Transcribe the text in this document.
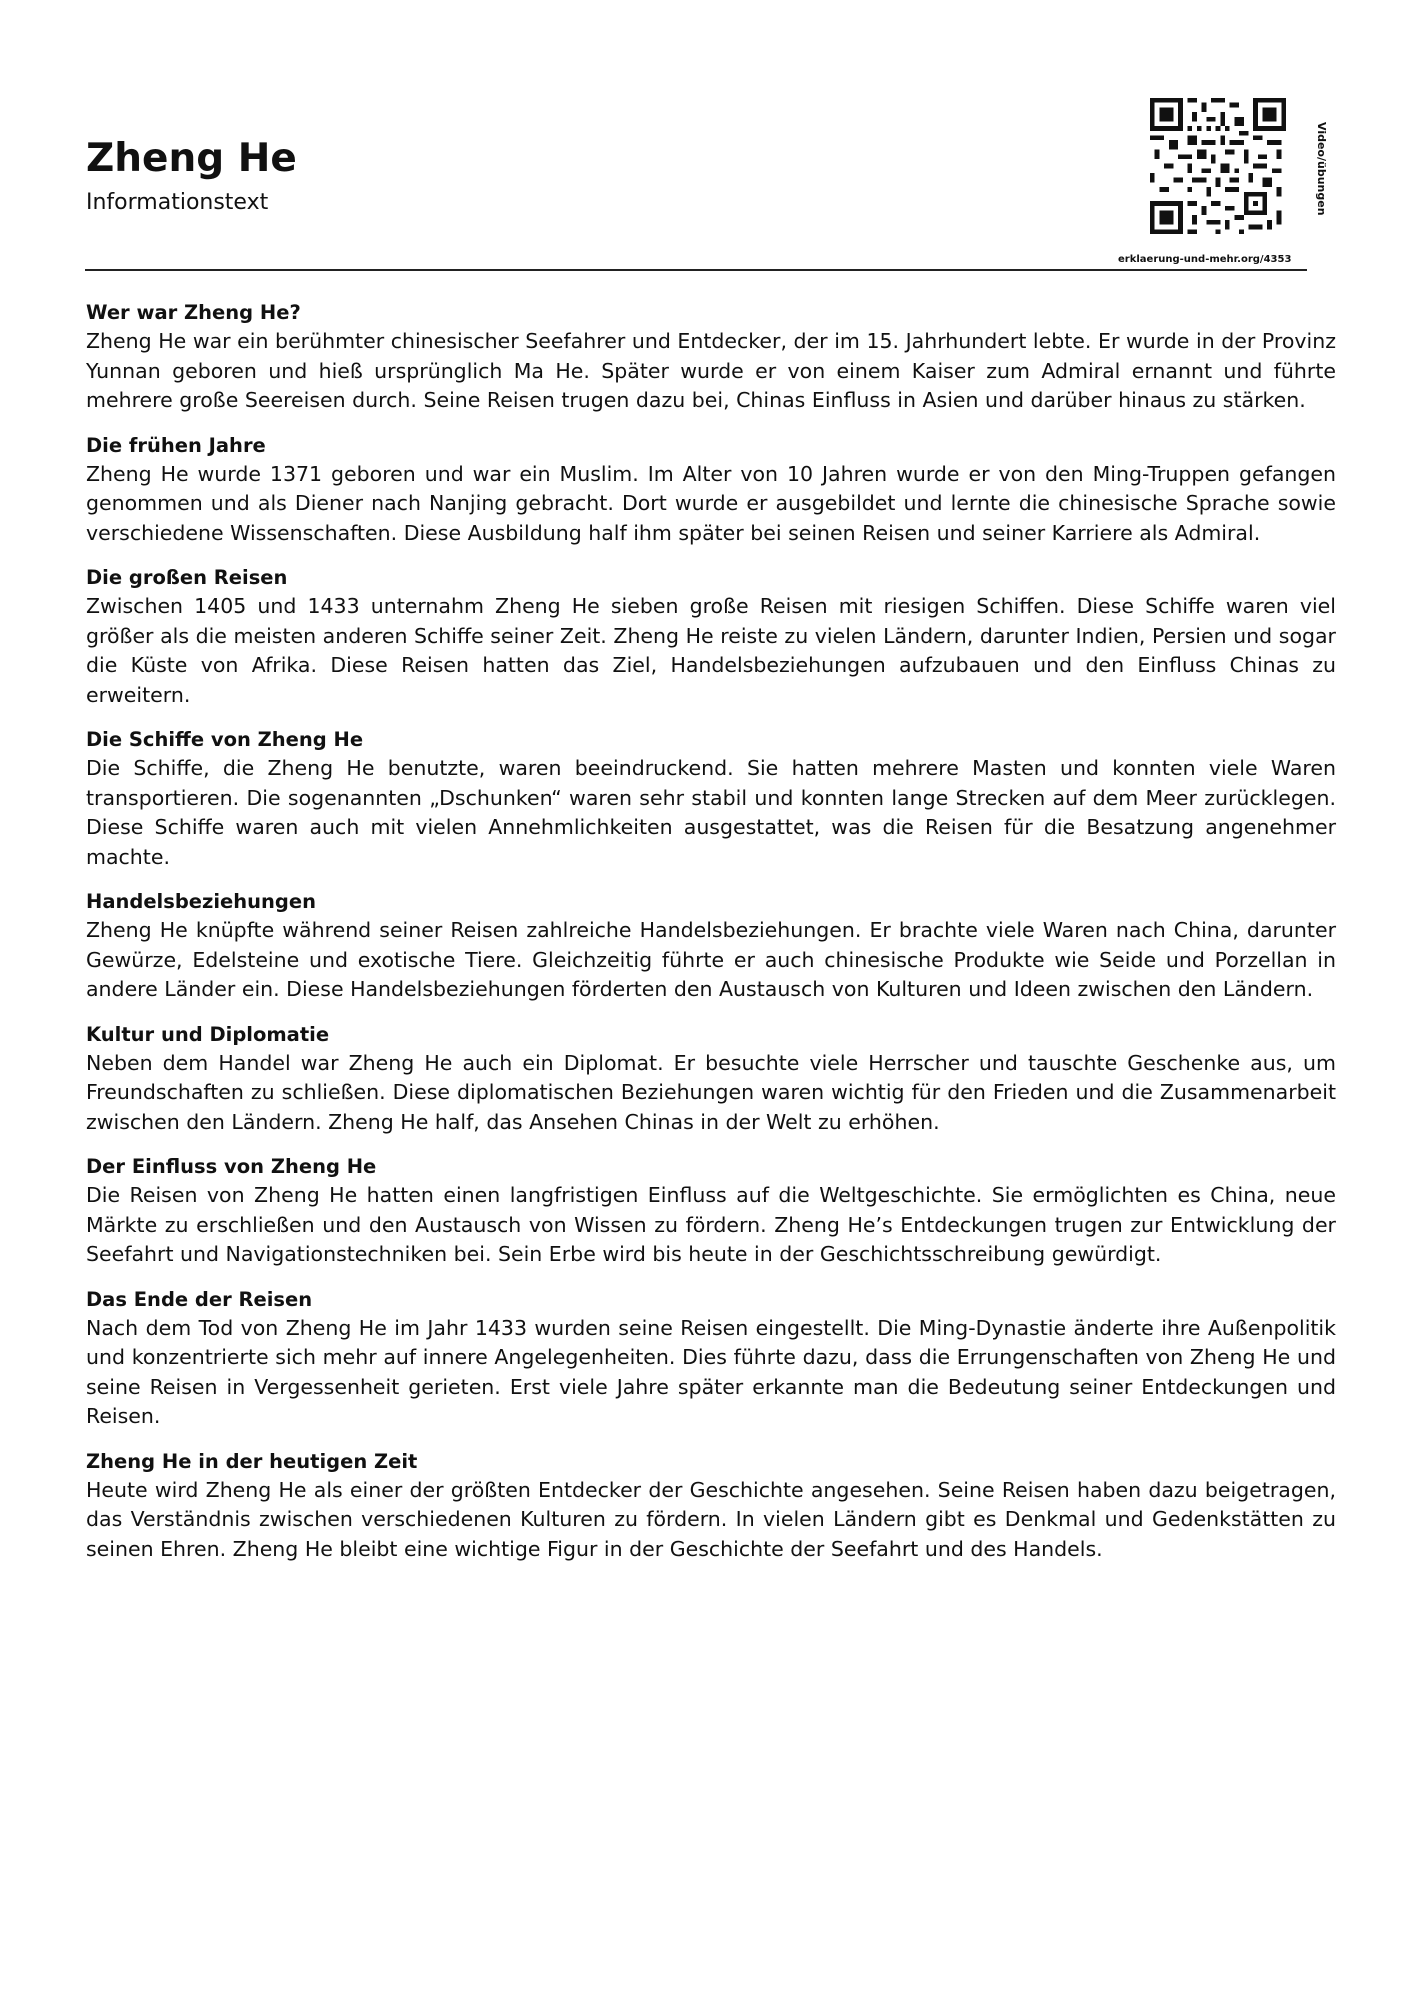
Zheng He
Informationstext	Video/übungen
erklaerung-und-mehr.org/4353
Wer war Zheng He?

Zheng He war ein berühmter chinesischer Seefahrer und Entdecker, der im 15. Jahrhundert lebte. Er wurde in der Provinz Yunnan geboren und hieß ursprünglich Ma He. Später wurde er von einem Kaiser zum Admiral ernannt und führte mehrere große Seereisen durch. Seine Reisen trugen dazu bei, Chinas Einfluss in Asien und darüber hinaus zu stärken.

Die frühen Jahre

Zheng He wurde 1371 geboren und war ein Muslim. Im Alter von 10 Jahren wurde er von den Ming-Truppen gefangen genommen und als Diener nach Nanjing gebracht. Dort wurde er ausgebildet und lernte die chinesische Sprache sowie verschiedene Wissenschaften. Diese Ausbildung half ihm später bei seinen Reisen und seiner Karriere als Admiral.

Die großen Reisen

Zwischen 1405 und 1433 unternahm Zheng He sieben große Reisen mit riesigen Schiffen. Diese Schiffe waren viel größer als die meisten anderen Schiffe seiner Zeit. Zheng He reiste zu vielen Ländern, darunter Indien, Persien und sogar die Küste von Afrika. Diese Reisen hatten das Ziel, Handelsbeziehungen aufzubauen und den Einfluss Chinas zu erweitern.

Die Schiffe von Zheng He

Die Schiffe, die Zheng He benutzte, waren beeindruckend. Sie hatten mehrere Masten und konnten viele Waren transportieren. Die sogenannten „Dschunken“ waren sehr stabil und konnten lange Strecken auf dem Meer zurücklegen. Diese Schiffe waren auch mit vielen Annehmlichkeiten ausgestattet, was die Reisen für die Besatzung angenehmer machte.

Handelsbeziehungen

Zheng He knüpfte während seiner Reisen zahlreiche Handelsbeziehungen. Er brachte viele Waren nach China, darunter Gewürze, Edelsteine und exotische Tiere. Gleichzeitig führte er auch chinesische Produkte wie Seide und Porzellan in andere Länder ein. Diese Handelsbeziehungen förderten den Austausch von Kulturen und Ideen zwischen den Ländern.

Kultur und Diplomatie

Neben dem Handel war Zheng He auch ein Diplomat. Er besuchte viele Herrscher und tauschte Geschenke aus, um Freundschaften zu schließen. Diese diplomatischen Beziehungen waren wichtig für den Frieden und die Zusammenarbeit zwischen den Ländern. Zheng He half, das Ansehen Chinas in der Welt zu erhöhen.

Der Einfluss von Zheng He

Die Reisen von Zheng He hatten einen langfristigen Einfluss auf die Weltgeschichte. Sie ermöglichten es China, neue Märkte zu erschließen und den Austausch von Wissen zu fördern. Zheng He’s Entdeckungen trugen zur Entwicklung der Seefahrt und Navigationstechniken bei. Sein Erbe wird bis heute in der Geschichtsschreibung gewürdigt.

Das Ende der Reisen

Nach dem Tod von Zheng He im Jahr 1433 wurden seine Reisen eingestellt. Die Ming-Dynastie änderte ihre Außenpolitik und konzentrierte sich mehr auf innere Angelegenheiten. Dies führte dazu, dass die Errungenschaften von Zheng He und seine Reisen in Vergessenheit gerieten. Erst viele Jahre später erkannte man die Bedeutung seiner Entdeckungen und Reisen.

Zheng He in der heutigen Zeit

Heute wird Zheng He als einer der größten Entdecker der Geschichte angesehen. Seine Reisen haben dazu beigetragen, das Verständnis zwischen verschiedenen Kulturen zu fördern. In vielen Ländern gibt es Denkmal und Gedenkstätten zu seinen Ehren. Zheng He bleibt eine wichtige Figur in der Geschichte der Seefahrt und des Handels.
